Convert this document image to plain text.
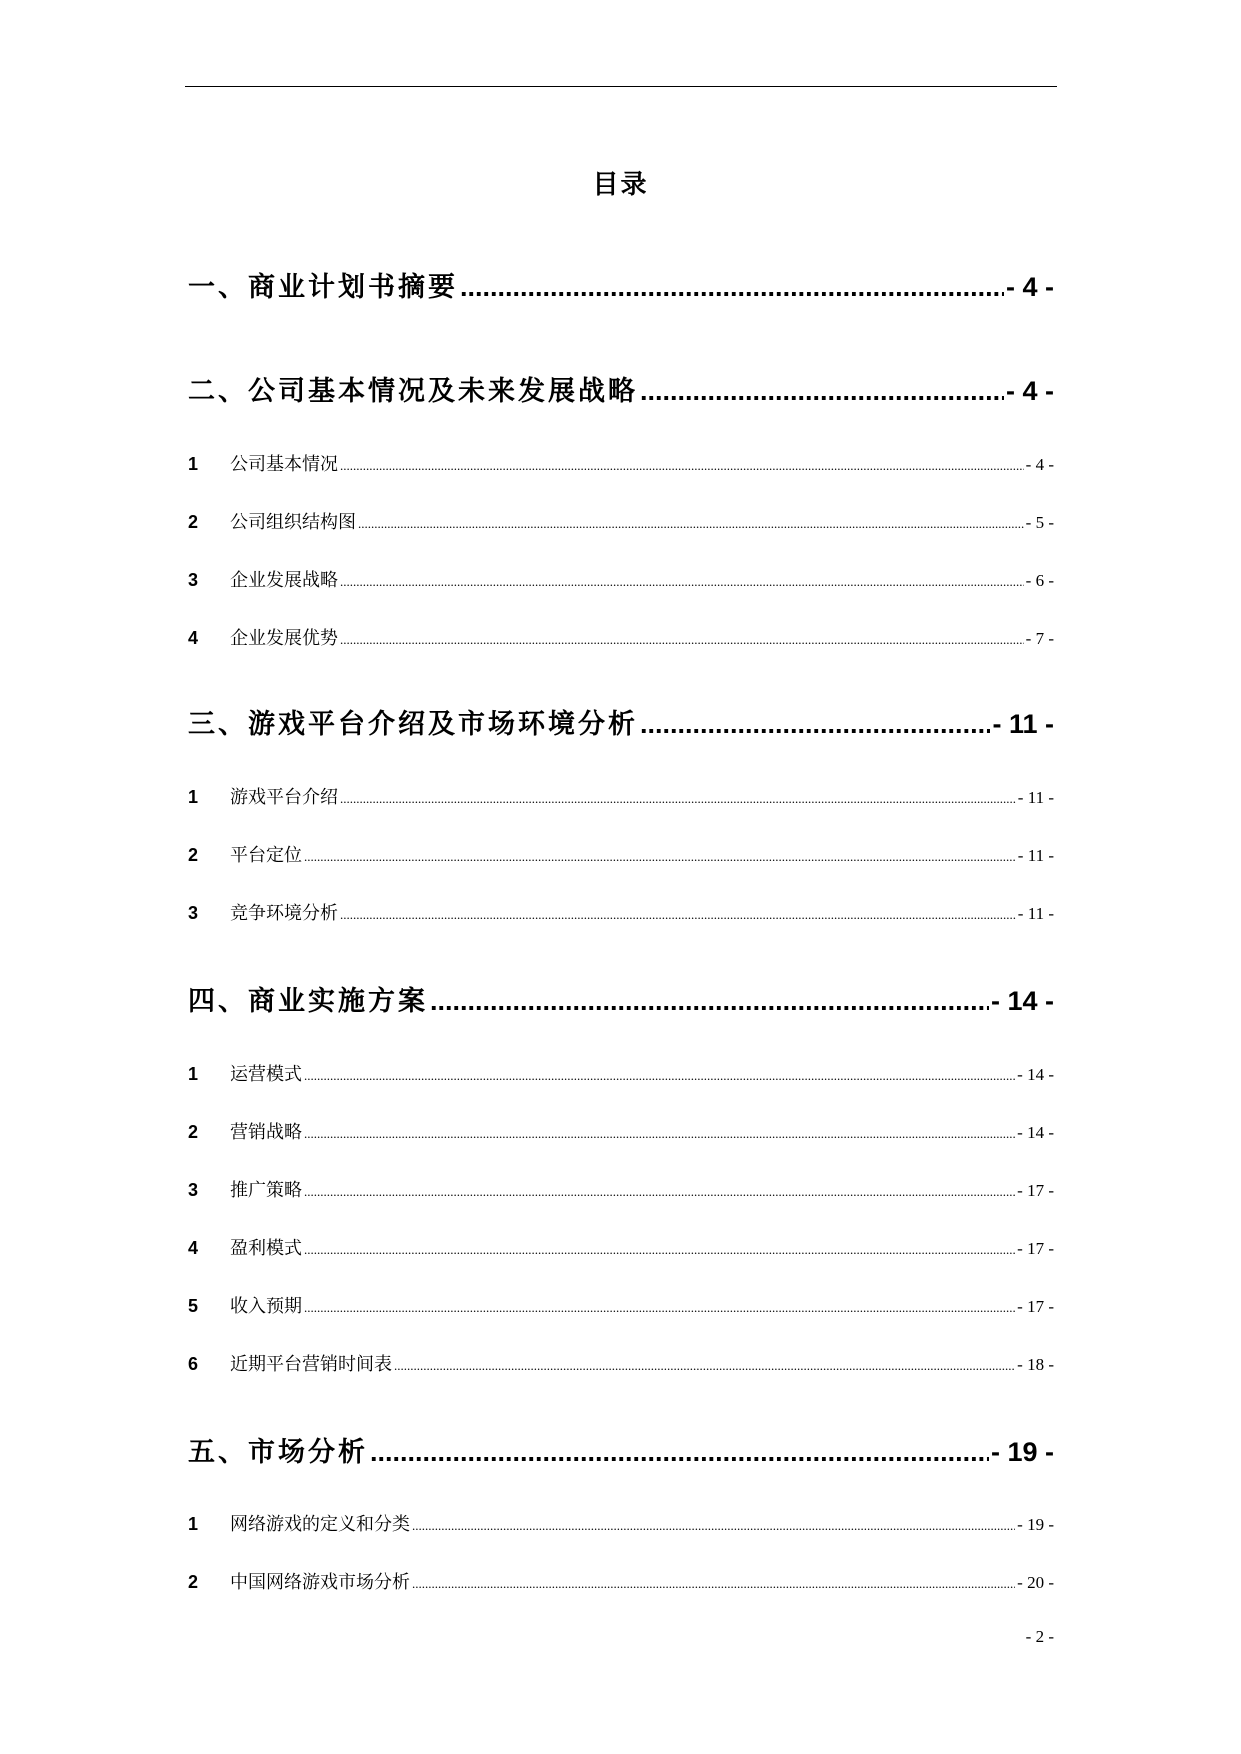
目录
一、商业计划书摘要 .....	- 4 -
二、公司基本情况及未来发展战略 .....	- 4 -
1	公司基本情况 .....	- 4 -
2	公司组织结构图 .....	- 5 -
3	企业发展战略 .....	- 6 -
4	企业发展优势 .....	- 7 -
三、游戏平台介绍及市场环境分析 .....	- 11 -
1	游戏平台介绍 .....	- 11 -
2	平台定位 .....	- 11 -
3	竞争环境分析 .....	- 11 -
四、商业实施方案 .....	- 14 -
1	运营模式 .....	- 14 -
2	营销战略 .....	- 14 -
3	推广策略 .....	- 17 -
4	盈利模式 .....	- 17 -
5	收入预期 .....	- 17 -
6	近期平台营销时间表 .....	- 18 -
五、市场分析 .....	- 19 -
1	网络游戏的定义和分类 .....	- 19 -
2	中国网络游戏市场分析 .....	- 20 -
- 2 -
